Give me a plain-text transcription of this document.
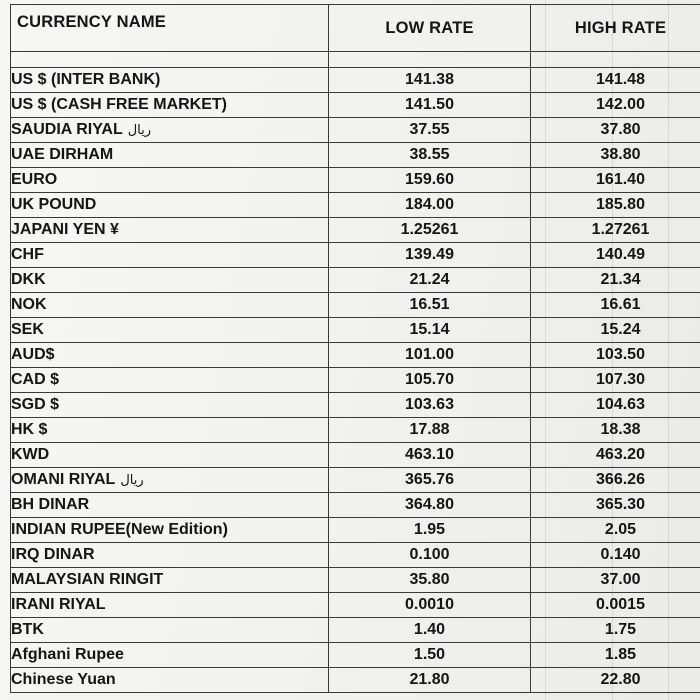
CURRENCY NAME	LOW RATE	HIGH RATE

US $ (INTER BANK)	141.38	141.48
US $ (CASH FREE MARKET)	141.50	142.00
SAUDIA RIYAL ریال	37.55	37.80
UAE DIRHAM	38.55	38.80
EURO	159.60	161.40
UK POUND	184.00	185.80
JAPANI YEN ¥	1.25261	1.27261
CHF	139.49	140.49
DKK	21.24	21.34
NOK	16.51	16.61
SEK	15.14	15.24
AUD$	101.00	103.50
CAD $	105.70	107.30
SGD $	103.63	104.63
HK $	17.88	18.38
KWD	463.10	463.20
OMANI RIYAL ریال	365.76	366.26
BH DINAR	364.80	365.30
INDIAN RUPEE(New Edition)	1.95	2.05
IRQ DINAR	0.100	0.140
MALAYSIAN RINGIT	35.80	37.00
IRANI RIYAL	0.0010	0.0015
BTK	1.40	1.75
Afghani Rupee	1.50	1.85
Chinese Yuan	21.80	22.80
